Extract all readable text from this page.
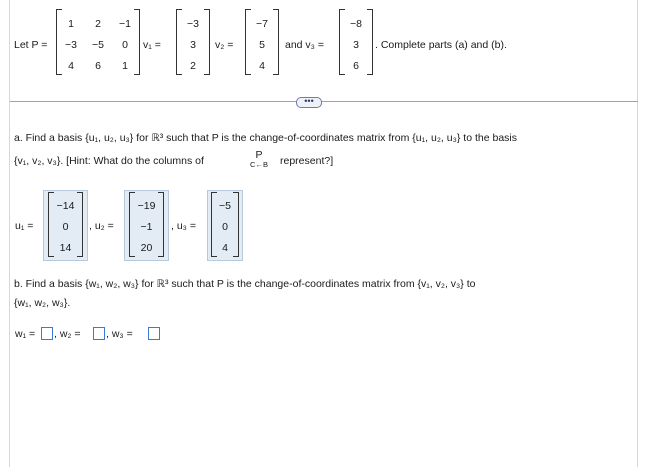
Let P =
1	2	−1
−3	−5	0
4	6	1
v₁ =
−3
3
2
v₂ =
−7
5
4
and v₃ =
−8
3
6
. Complete parts (a) and (b).
•••
a. Find a basis {u₁, u₂, u₃} for ℝ³ such that P is the change-of-coordinates matrix from {u₁, u₂, u₃} to the basis
{v₁, v₂, v₃}. [Hint: What do the columns of	P
C←B	represent?]
u₁ =
−14
0
14
, u₂ =
−19
−1
20
, u₃ =
−5
0
4
b. Find a basis {w₁, w₂, w₃} for ℝ³ such that P is the change-of-coordinates matrix from {v₁, v₂, v₃} to
{w₁, w₂, w₃}.
w₁ = , w₂ = , w₃ =
